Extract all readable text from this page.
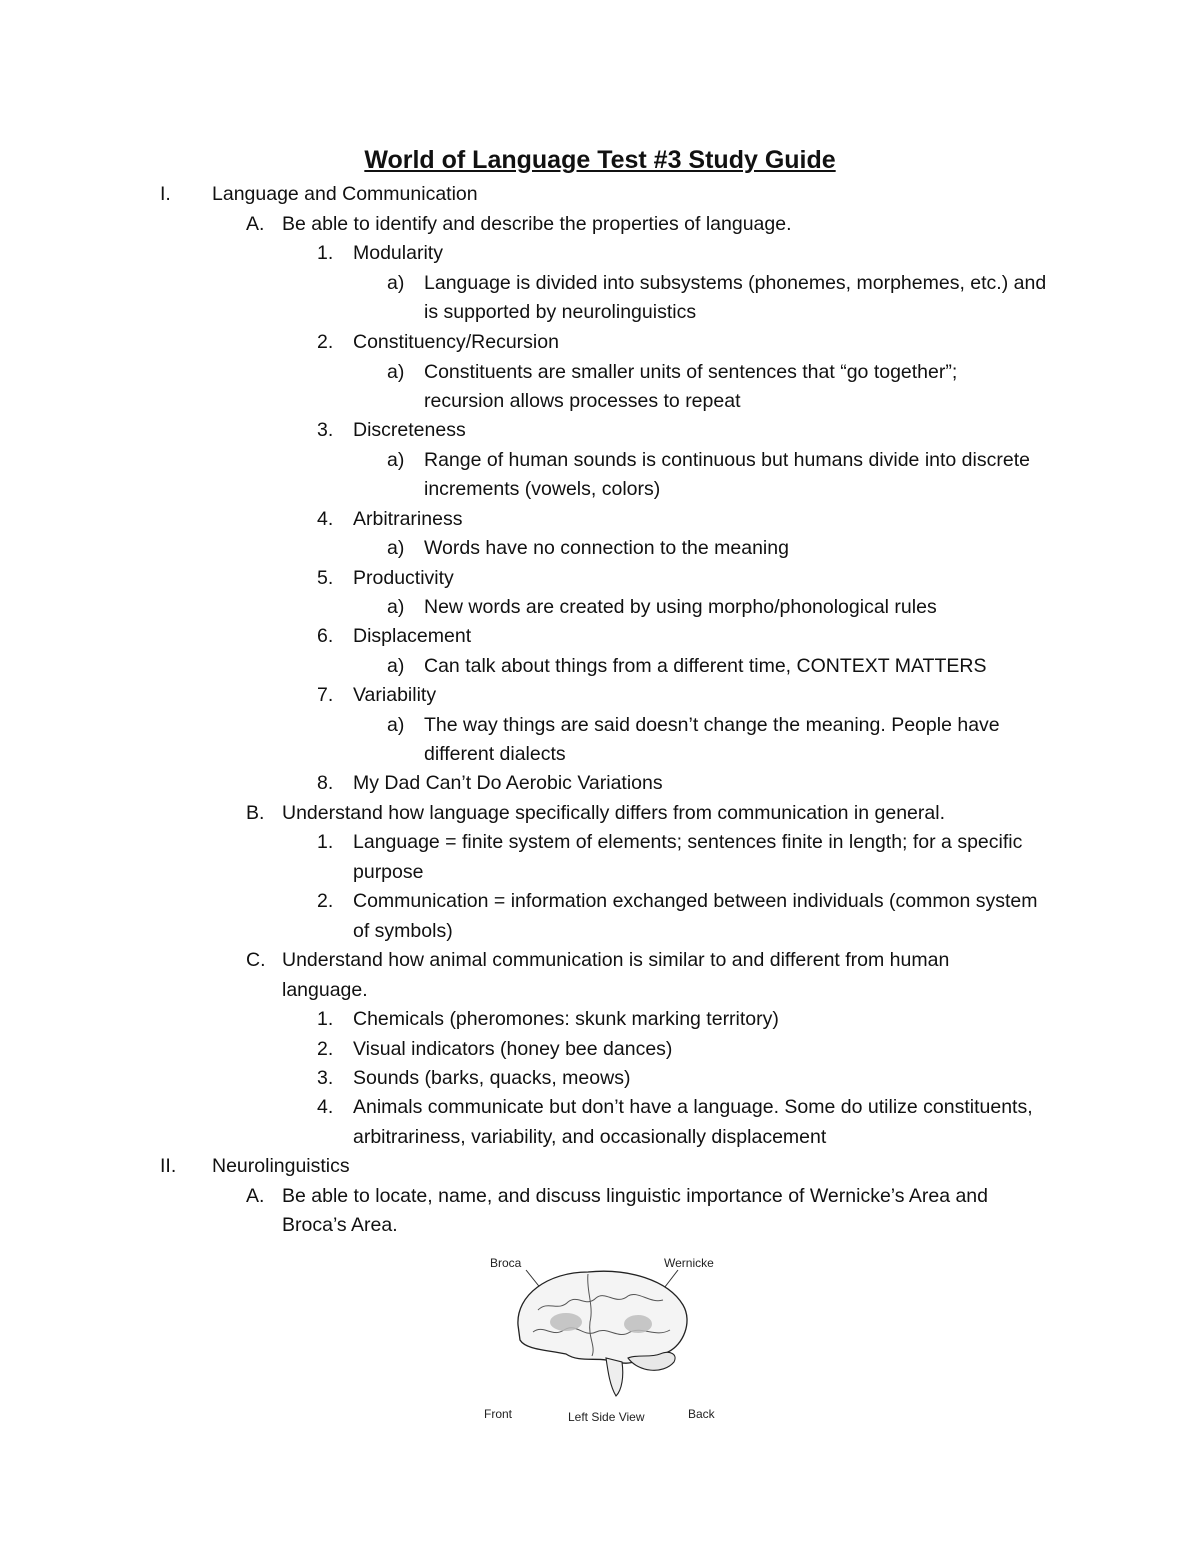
World of Language Test #3 Study Guide
I. Language and Communication
A. Be able to identify and describe the properties of language.
1. Modularity
a) Language is divided into subsystems (phonemes, morphemes, etc.) and
is supported by neurolinguistics
2. Constituency/Recursion
a) Constituents are smaller units of sentences that “go together”;
recursion allows processes to repeat
3. Discreteness
a) Range of human sounds is continuous but humans divide into discrete
increments (vowels, colors)
4. Arbitrariness
a) Words have no connection to the meaning
5. Productivity
a) New words are created by using morpho/phonological rules
6. Displacement
a) Can talk about things from a different time, CONTEXT MATTERS
7. Variability
a) The way things are said doesn’t change the meaning. People have
different dialects
8. My Dad Can’t Do Aerobic Variations
B. Understand how language specifically differs from communication in general.
1. Language = finite system of elements; sentences finite in length; for a specific
purpose
2. Communication = information exchanged between individuals (common system
of symbols)
C. Understand how animal communication is similar to and different from human
language.
1. Chemicals (pheromones: skunk marking territory)
2. Visual indicators (honey bee dances)
3. Sounds (barks, quacks, meows)
4. Animals communicate but don’t have a language. Some do utilize constituents,
arbitrariness, variability, and occasionally displacement
II. Neurolinguistics
A. Be able to locate, name, and discuss linguistic importance of Wernicke’s Area and
Broca’s Area.
Broca	Wernicke
Front	Left Side View	Back
